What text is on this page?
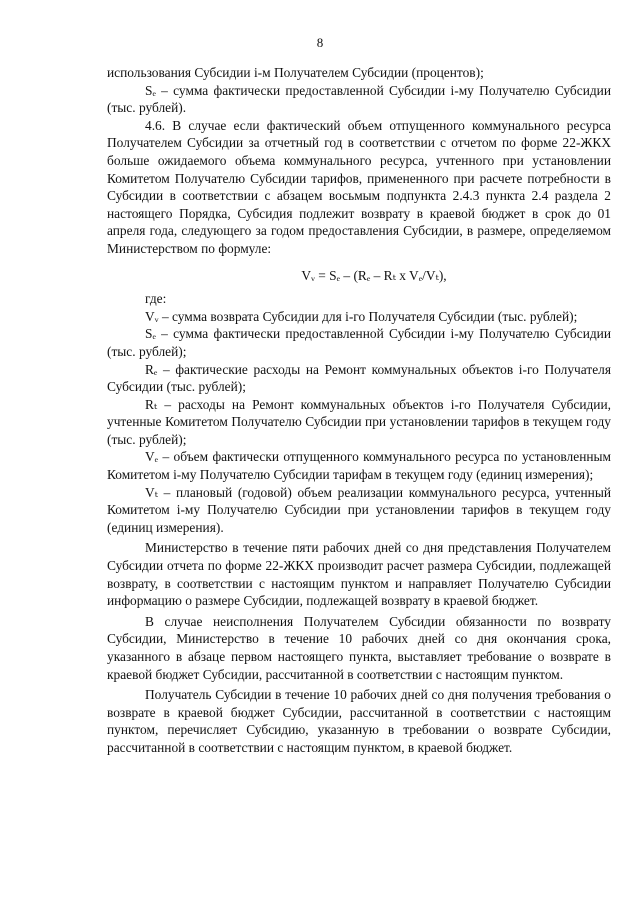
8

использования Субсидии i-м Получателем Субсидии (процентов);

Sₑ – сумма фактически предоставленной Субсидии i-му Получателю Субсидии (тыс. рублей).

4.6. В случае если фактический объем отпущенного коммунального ресурса Получателем Субсидии за отчетный год в соответствии с отчетом по форме 22-ЖКХ больше ожидаемого объема коммунального ресурса, учтенного при установлении Комитетом Получателю Субсидии тарифов, примененного при расчете потребности в Субсидии в соответствии с абзацем восьмым подпункта 2.4.3 пункта 2.4 раздела 2 настоящего Порядка, Субсидия подлежит возврату в краевой бюджет в срок до 01 апреля года, следующего за годом предоставления Субсидии, в размере, определяемом Министерством по формуле:

Vᵥ = Sₑ – (Rₑ – Rₜ x Vₑ/Vₜ),

где:

Vᵥ – сумма возврата Субсидии для i-го Получателя Субсидии (тыс. рублей);

Sₑ – сумма фактически предоставленной Субсидии i-му Получателю Субсидии (тыс. рублей);

Rₑ – фактические расходы на Ремонт коммунальных объектов i-го Получателя Субсидии (тыс. рублей);

Rₜ – расходы на Ремонт коммунальных объектов i-го Получателя Субсидии, учтенные Комитетом Получателю Субсидии при установлении тарифов в текущем году (тыс. рублей);

Vₑ – объем фактически отпущенного коммунального ресурса по установленным Комитетом i-му Получателю Субсидии тарифам в текущем году (единиц измерения);

Vₜ – плановый (годовой) объем реализации коммунального ресурса, учтенный Комитетом i-му Получателю Субсидии при установлении тарифов в текущем году (единиц измерения).

Министерство в течение пяти рабочих дней со дня представления Получателем Субсидии отчета по форме 22-ЖКХ производит расчет размера Субсидии, подлежащей возврату, в соответствии с настоящим пунктом и направляет Получателю Субсидии информацию о размере Субсидии, подлежащей возврату в краевой бюджет.

В случае неисполнения Получателем Субсидии обязанности по возврату Субсидии, Министерство в течение 10 рабочих дней со дня окончания срока, указанного в абзаце первом настоящего пункта, выставляет требование о возврате в краевой бюджет Субсидии, рассчитанной в соответствии с настоящим пунктом.

Получатель Субсидии в течение 10 рабочих дней со дня получения требования о возврате в краевой бюджет Субсидии, рассчитанной в соответствии с настоящим пунктом, перечисляет Субсидию, указанную в требовании о возврате Субсидии, рассчитанной в соответствии с настоящим пунктом, в краевой бюджет.
